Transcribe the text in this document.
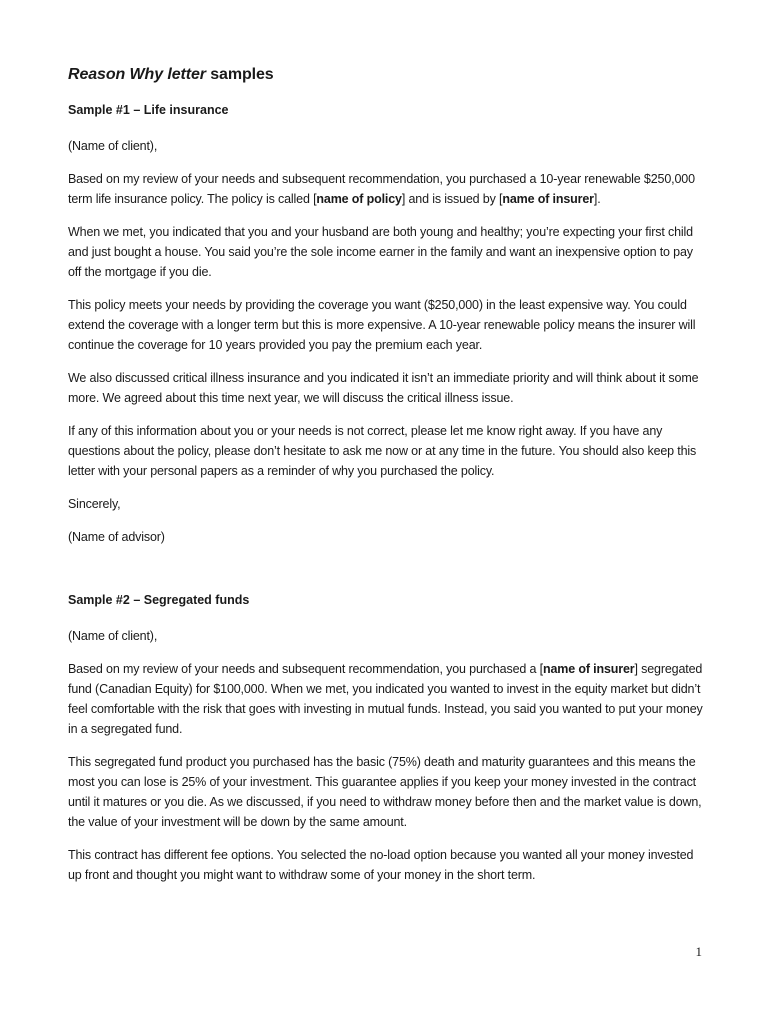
Reason Why letter samples
Sample #1 – Life insurance

(Name of client),

Based on my review of your needs and subsequent recommendation, you purchased a 10-year renewable $250,000 term life insurance policy. The policy is called [name of policy] and is issued by [name of insurer].

When we met, you indicated that you and your husband are both young and healthy; you’re expecting your first child and just bought a house. You said you’re the sole income earner in the family and want an inexpensive option to pay off the mortgage if you die.

This policy meets your needs by providing the coverage you want ($250,000) in the least expensive way. You could extend the coverage with a longer term but this is more expensive. A 10-year renewable policy means the insurer will continue the coverage for 10 years provided you pay the premium each year.

We also discussed critical illness insurance and you indicated it isn’t an immediate priority and will think about it some more. We agreed about this time next year, we will discuss the critical illness issue.

If any of this information about you or your needs is not correct, please let me know right away. If you have any questions about the policy, please don’t hesitate to ask me now or at any time in the future. You should also keep this letter with your personal papers as a reminder of why you purchased the policy.

Sincerely,

(Name of advisor)

Sample #2 – Segregated funds

(Name of client),

Based on my review of your needs and subsequent recommendation, you purchased a [name of insurer] segregated fund (Canadian Equity) for $100,000. When we met, you indicated you wanted to invest in the equity market but didn’t feel comfortable with the risk that goes with investing in mutual funds. Instead, you said you wanted to put your money in a segregated fund.

This segregated fund product you purchased has the basic (75%) death and maturity guarantees and this means the most you can lose is 25% of your investment. This guarantee applies if you keep your money invested in the contract until it matures or you die. As we discussed, if you need to withdraw money before then and the market value is down, the value of your investment will be down by the same amount.

This contract has different fee options. You selected the no-load option because you wanted all your money invested up front and thought you might want to withdraw some of your money in the short term.

1
